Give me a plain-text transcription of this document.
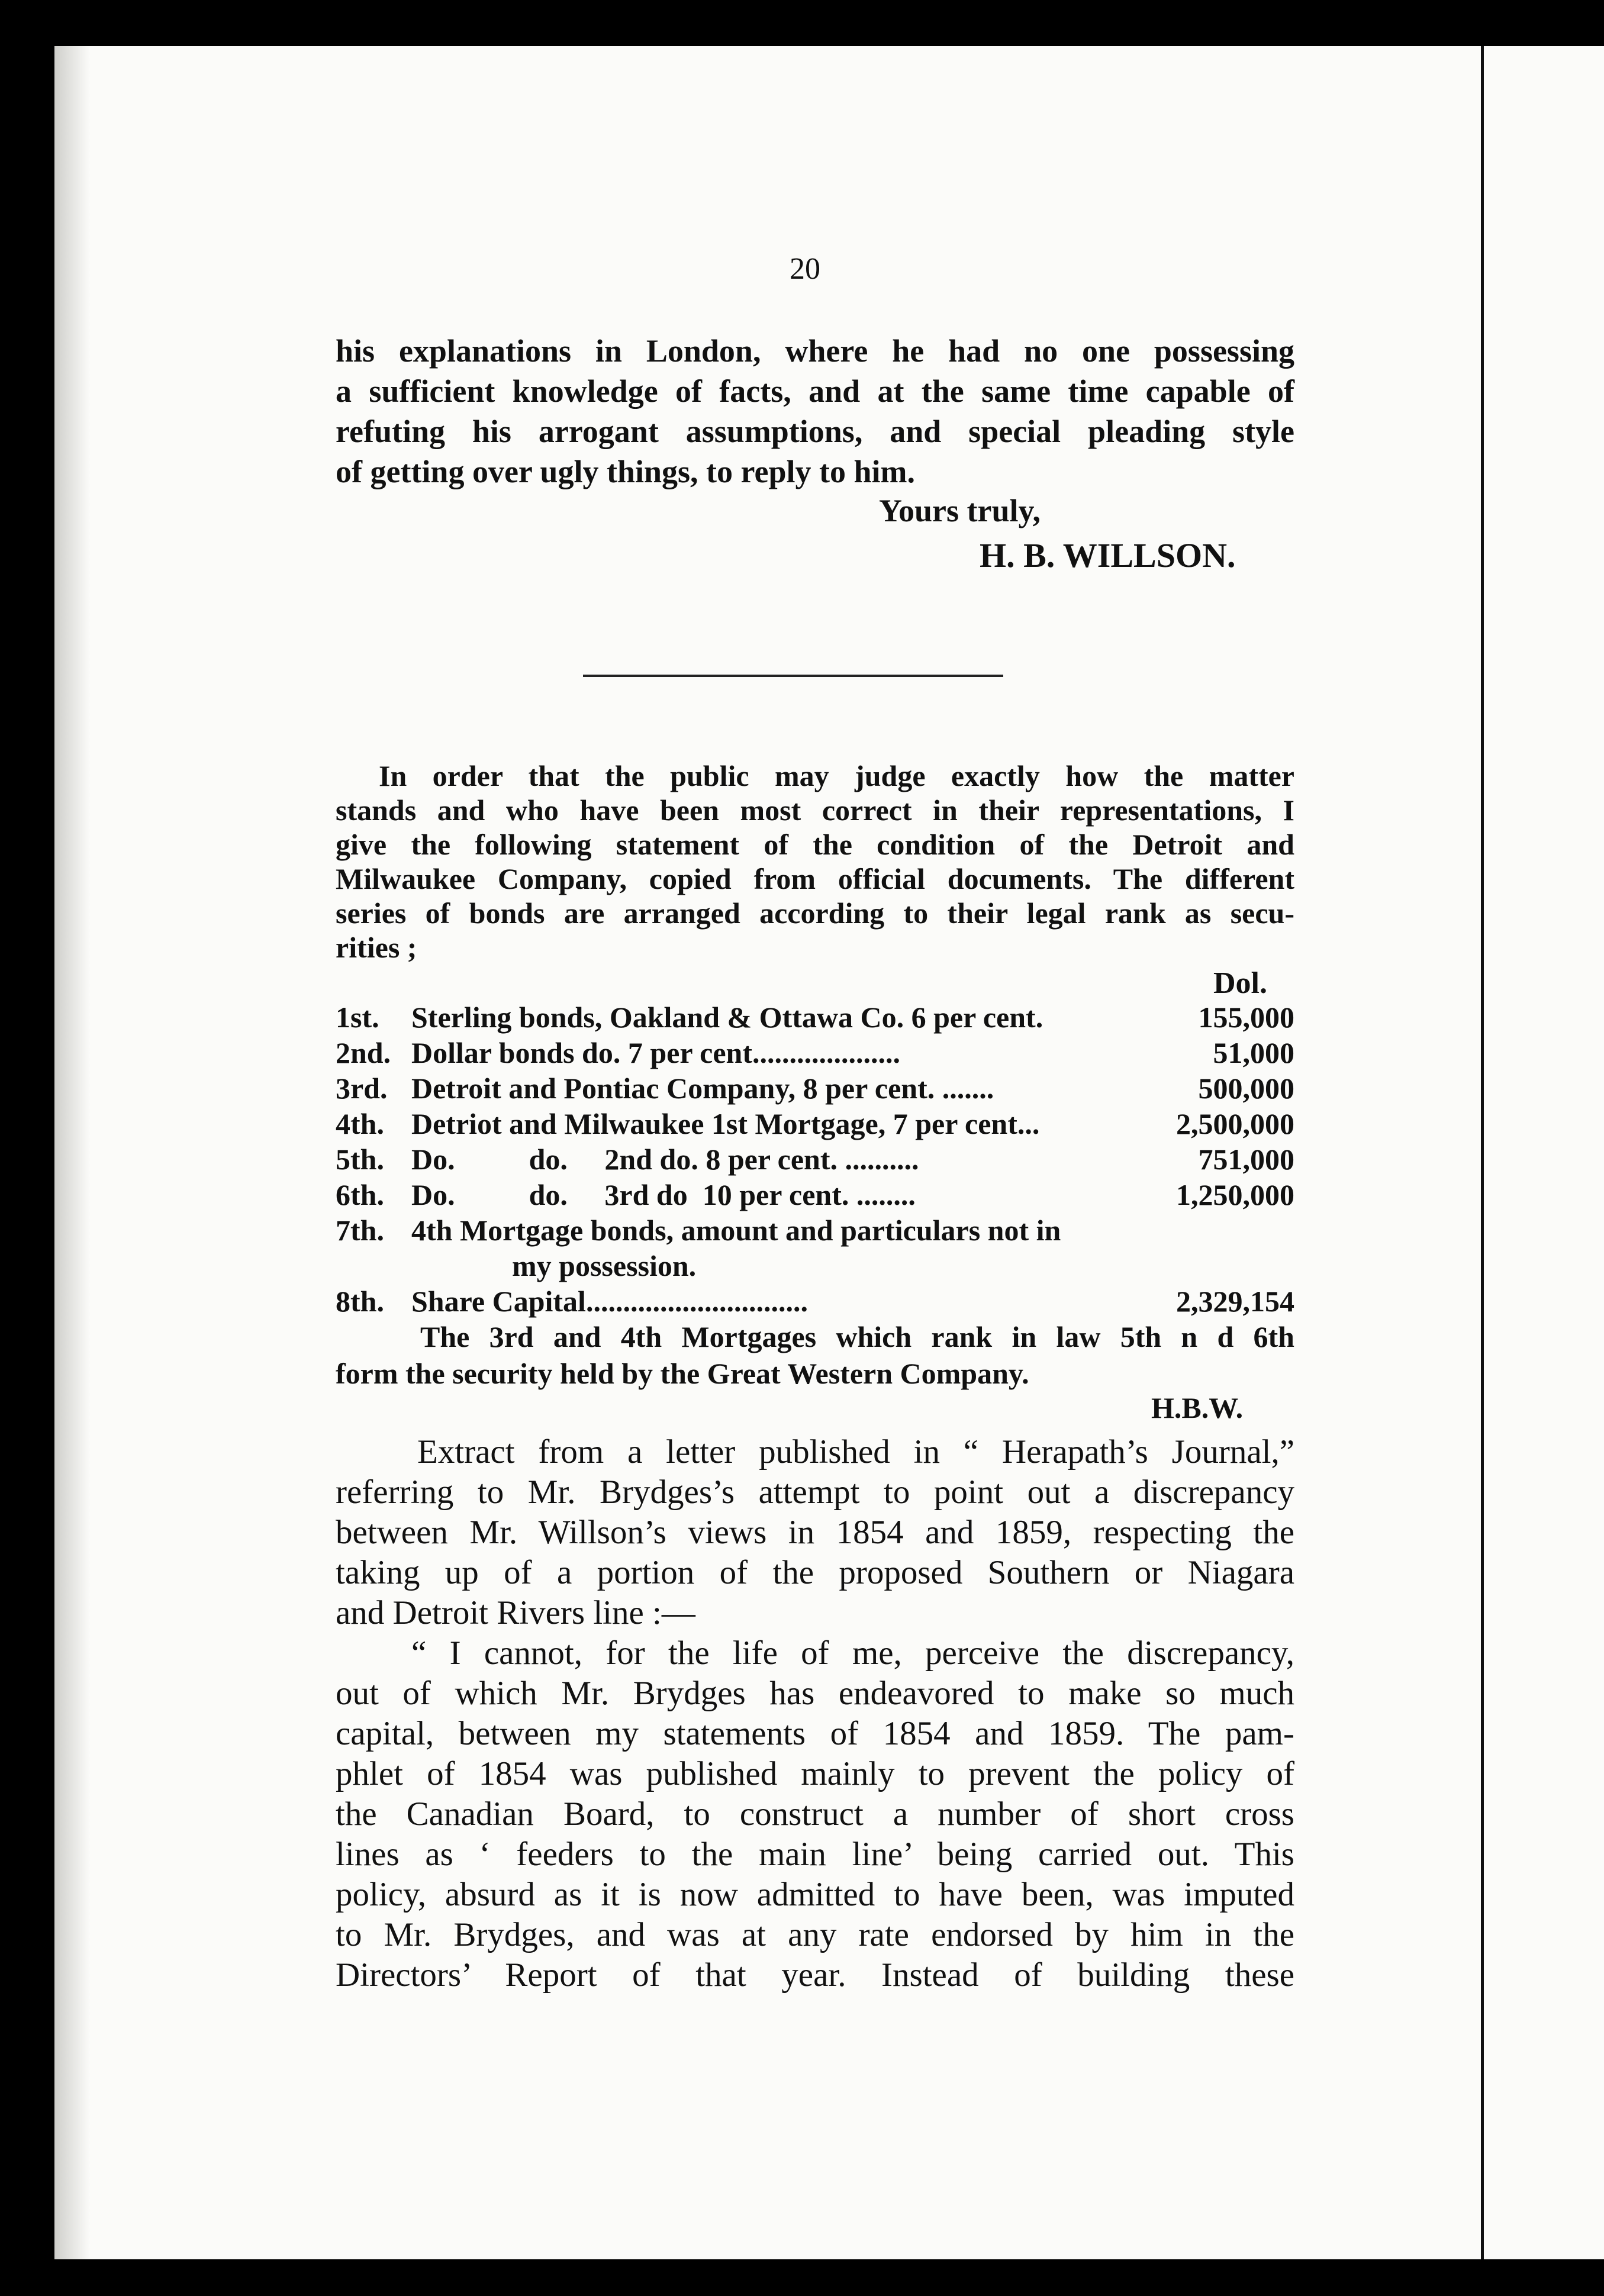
20
his explanations in London, where he had no one possessing
a sufficient knowledge of facts, and at the same time capable of
refuting his arrogant assumptions, and special pleading style
of getting over ugly things, to reply to him.
Yours truly,
H. B. WILLSON.
In order that the public may judge exactly how the matter
stands and who have been most correct in their representations, I
give the following statement of the condition of the Detroit and
Milwaukee Company, copied from official documents. The different
series of bonds are arranged according to their legal rank as secu-
rities ;
Dol.
1st. Sterling bonds, Oakland & Ottawa Co. 6 per cent.	155,000
2nd. Dollar bonds do. 7 per cent....................	51,000
3rd. Detroit and Pontiac Company, 8 per cent. .......	500,000
4th. Detriot and Milwaukee 1st Mortgage, 7 per cent...	2,500,000
5th. Do.          do.     2nd do. 8 per cent. ..........	751,000
6th. Do.          do.     3rd do  10 per cent. ........	1,250,000
7th. 4th Mortgage bonds, amount and particulars not in
my possession.
8th. Share Capital..............................	2,329,154
The 3rd and 4th Mortgages which rank in law 5th n d 6th
form the security held by the Great Western Company.
H.B.W.
Extract from a letter published in “ Herapath’s Journal,”
referring to Mr. Brydges’s attempt to point out a discrepancy
between Mr. Willson’s views in 1854 and 1859, respecting the
taking up of a portion of the proposed Southern or Niagara
and Detroit Rivers line :—
“ I cannot, for the life of me, perceive the discrepancy,
out of which Mr. Brydges has endeavored to make so much
capital, between my statements of 1854 and 1859. The pam-
phlet of 1854 was published mainly to prevent the policy of
the Canadian Board, to construct a number of short cross
lines as ‘ feeders to the main line’ being carried out. This
policy, absurd as it is now admitted to have been, was imputed
to Mr. Brydges, and was at any rate endorsed by him in the
Directors’ Report of that year. Instead of building these
